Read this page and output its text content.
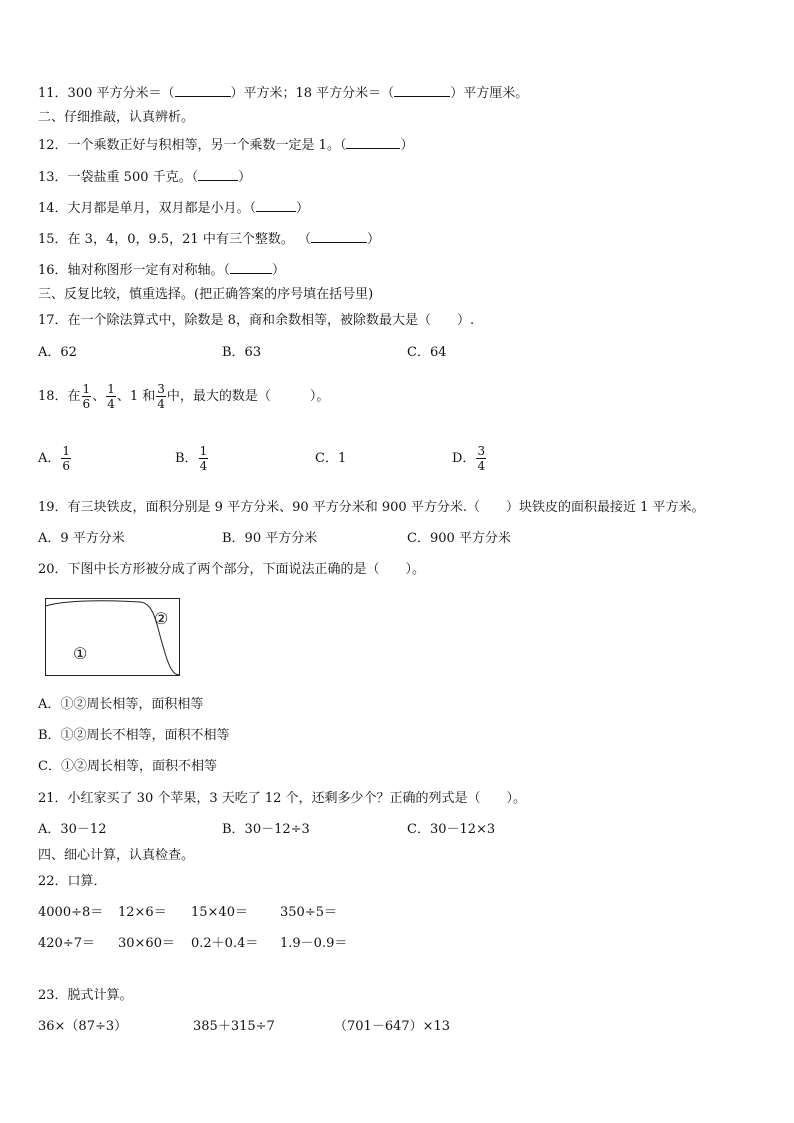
11．300 平方分米＝（	）平方米；18 平方分米＝（	）平方厘米。
二、仔细推敲，认真辨析。
12．一个乘数正好与积相等，另一个乘数一定是 1。（	）
13．一袋盐重 500 千克。（	）
14．大月都是单月，双月都是小月。（	）
15．在 3，4，0，9.5，21 中有三个整数。 （	）
16．轴对称图形一定有对称轴。（	）
三、反复比较，慎重选择。(把正确答案的序号填在括号里)
17．在一个除法算式中，除数是 8，商和余数相等，被除数最大是（　　）.
A．62	B．63	C．64
18．在 $\frac{1}{6}$ 、 $\frac{1}{4}$ 、1 和 $\frac{3}{4}$ 中，最大的数是（　　　）。
A． $\frac{1}{6}$	B． $\frac{1}{4}$	C．1	D． $\frac{3}{4}$
19．有三块铁皮，面积分别是 9 平方分米、90 平方分米和 900 平方分米.（　　）块铁皮的面积最接近 1 平方米。
A．9 平方分米	B．90 平方分米	C．900 平方分米
20．下图中长方形被分成了两个部分，下面说法正确的是（　　）。
①
②
A．①②周长相等，面积相等
B．①②周长不相等，面积不相等
C．①②周长相等，面积不相等
21．小红家买了 30 个苹果，3 天吃了 12 个，还剩多少个？正确的列式是（　　）。
A．30－12	B．30－12÷3	C．30－12×3
四、细心计算，认真检查。
22．口算．
4000÷8＝ 12×6＝ 15×40＝ 350÷5＝
420÷7＝ 30×60＝ 0.2＋0.4＝ 1.9－0.9＝
23．脱式计算。
36×（87÷3）	385＋315÷7	（701－647）×13
